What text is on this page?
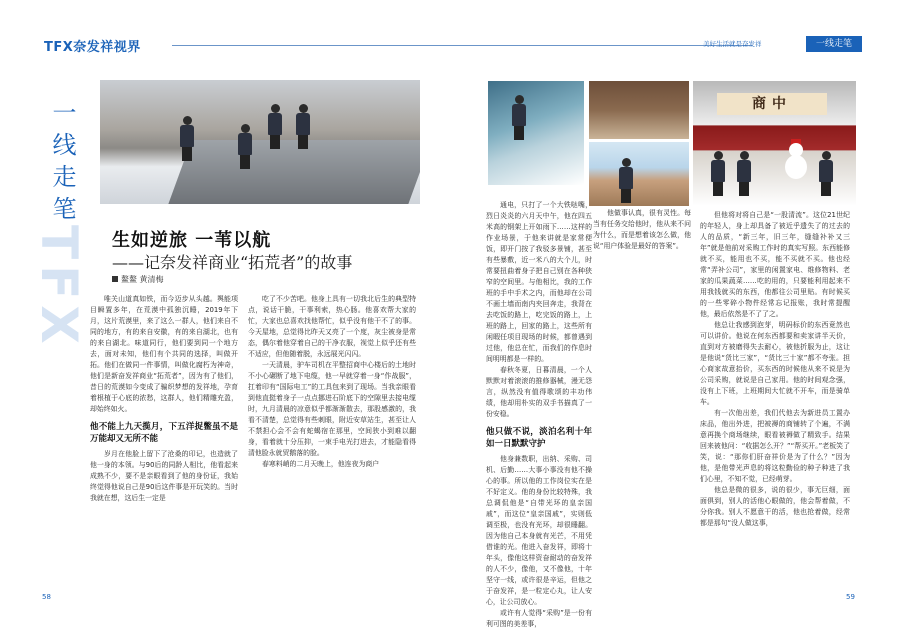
TFX奈发祥视界	美好生活就是奋发祥	一线走笔
一线走笔
TFX
商中
生如逆旅 一苇以航
——记奈发祥商业“拓荒者”的故事
鳌鳌 黄清梅

唯关山道真如铁，而今迈步从头越。舆能项目瞬置多年，在荒漠中孤独沉睡，2019年下月，这片荒漠里，来了这么一群人，他们来自不同的地方，有的来自安徽，有的来自湖北，也有的来自湖北。味道同行，他们要到同一个地方去，面对未知，他们有个共同的选择，叫做开拓。他们在做同一件事情，叫做化腐朽为神奇，他们是新奋发祥商业“拓荒者”，因为有了他们，昔日的荒漠如今变成了骗织梦想的发祥地，孕育着根植于心底的浓愁，这群人，他们精雕充盈，却始终如火。

他不能上九天揽月，下五洋捉鳖虽不是万能却又无所不能

岁月在他脸上留下了沧桑的印记，也造就了他一身的本领。与90后的同龄人相比，他看起来成熟不少，要不是亲眼看到了他的身份证，我始终觉得他说自己是90后这件事是开玩笑的。当时我就在想，这后生一定是

吃了不少苦吧。他身上具有一切我北后生的典型特点，说话干脆，干事利索，热心肠。他喜欢帮大家的忙，大家也总喜欢找他帮忙，似乎没有他干不了的事。今天屋地，总觉得比昨天又亮了一个度，灰尘被身是常态，偶尔着他穿着自己的干净衣服，视觉上似乎还有些不适应，但他随着脱，永远展光闪闪。

一天清晨，驴车司机在平整招商中心楼后的土地时不小心碾断了地下电缆，他一早就穿着一身“作战服”，扛着印有“国际电工”的工具包来到了现场。当我亲眼看到他直挺着身子一点点挪进石阶底下的空隙里去接电缆时，九月清晨的凉意似乎都渐渐散去，那股感激的，我看不清楚，总觉得有些刺眼，附近安草站生，甚至让人不禁担心会不会有蛇蝎宿在那里，空间狭小到难以翻身，看着就十分压抑，一束手电光打进去，才能隐看得清他脸永就贸鹅落的脸。

春寒料峭的二月天晚上，他连夜为商户

通电，只打了一个大铁哒嘴，烈日炎炎的六月天中午，他在四五米高的钢架上开如雨下……这样的作业场景，于他来讲就是家常便饭，即开门按了我驳多景铺，甚至有些暴敷，近一米八的大个儿，时常要扭曲着身子把自己别在各种狭窄的空间里。与他相比，我的工作班的手中手术之内，而他却在公司不画土墙而南内夹回奔走，我背在去吃饭的路上，吃完饭的路上，上班的路上，回家的路上，这些所有闲暇任项目现场的时候，都曾遇到过他，他总在忙，而我们的作息时间明明都是一样的。

春秋冬夏，日暮清晨，一个人默默对着滚滚的推修器械，漫无怨言，纵然没有值得歌颂的丰功伟绩，他却用朴实的双手书描真了一份安稳。

他只做不说，淡泊名利十年如一日默默守护

他身兼数职，出纳、采购、司机、后勤……大事小事没有他不操心的事。所以他的工作岗位实在是不好定义。他的身份比较特殊，我总调侃他是“自带光环的皇亲国戚”，而这位“皇亲国戚”，实则低调至极，也没有光环，却很睡翻。因为他自己本身就有光芒，不用凭借谁的光。他进入奋发祥，即将十年头，像他这样资奋耐动的奋发祥的人不少，像他，又不像他，十年坚守一线，或许很是辛运，但他之于奋发祥，是一粒定心丸，让人安心，让公司放心。

或许有人觉得“采购”是一份有利可图的美差事，

他做事认真，很有灵性。每当有任务交给他时，他从来不问为什么，而是想着该怎么做，他说“用户体验是最好的答案”。

但他将对将自己是“一股清流”。这位21世纪的年轻人，身上却具备了被近乎遗失了的过去的人的品质，“新三年，旧三年，缝缝补补又三年”就是他前对采购工作时的真实写照。东西能修就不买，能用也不买，能不买就不买。他也经常“弄补公司”，家里的闲置家电、维修物料、老家的瓜果蔬菜……吃的用的，只要能利用起来不用我钱就买的东西，他都往公司里贴。有时候买的一些零碎小物件经常忘记报账，我时常提醒他，最后依然是不了了之。

他总让我感到泡芽，明码标价的东西竟然也可以讲价。他说在何东西都要和卖家讲半天价，直到对方被磨得失去耐心，被他折服为止，这让是他说“货比三家”，“货比三十家”都不夸张。担心商家故意抬价，买东西的时候他从来不说是为公司采购，就说是自己家用。他的时间观念强，没有上下班，上班期间大忙就不开车，而是骑单车。

有一次他出差，我们代他去为新进员工置办床品，他出外进，把被褥的商铺转了个遍，不满意再换个商场继续，眼看被褥做了精致手。结果回来被他问：“收据怎么开？”“帮买开。”老板笑了笑，说：“那你们肝奋祥价是为了什么？”因为他，是他带光声息的将这粒勤俭的种子种进了我们心里，不知不觉，已经萌芽。

他总是微的很多，说的很少，事无巨细，面面俱到，别人的活他心眼做的，他会帮着做，不分你我。别人不愿意干的活，他也抢着做，经常都是那句“没人做这事，

58	59
